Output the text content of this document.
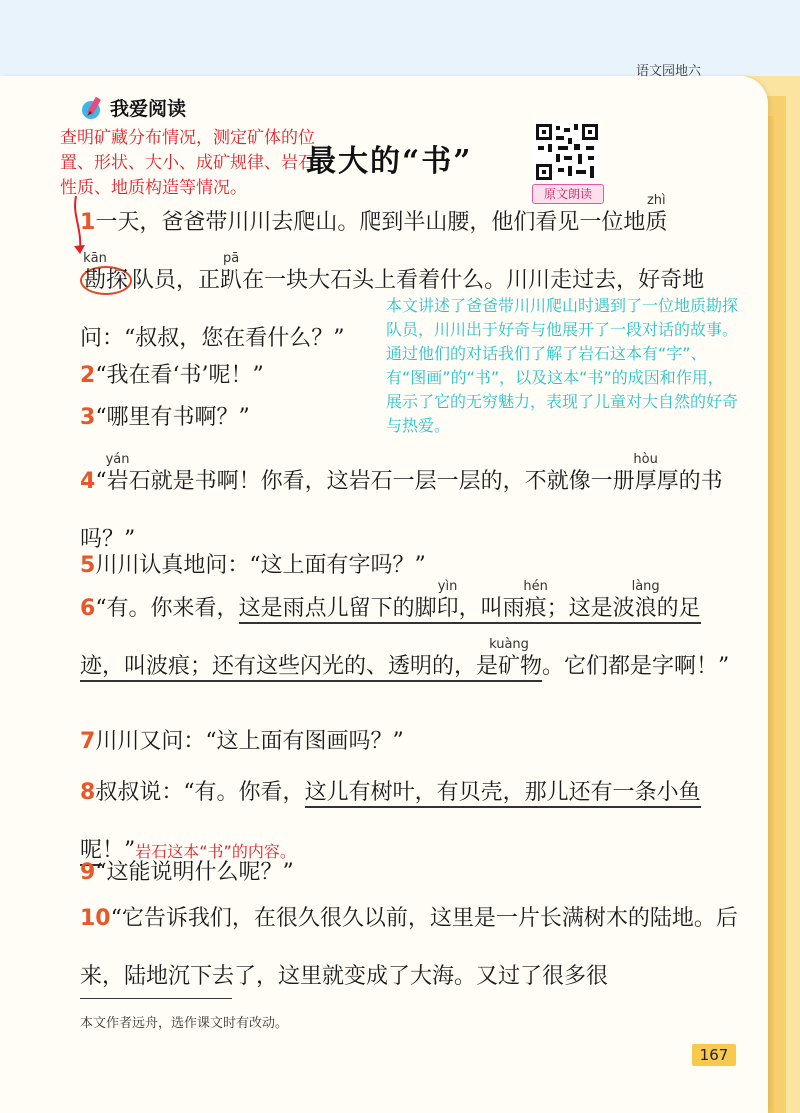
语文园地六
我爱阅读
查明矿藏分布情况，测定矿体的位置、形状、大小、成矿规律、岩石性质、地质构造等情况。
最大的“书”
原文朗读
1一天，爸爸带川川去爬山。爬到半山腰，他们看见一位地质
zhì

勘
kān
探 队员，正趴
pā
在一块大石头上看着什么。川川走过去，好奇地问：“叔叔，您在看什么？”
本文讲述了爸爸带川川爬山时遇到了一位地质勘探队员，川川出于好奇与他展开了一段对话的故事。通过他们的对话我们了解了岩石这本有“字”、有“图画”的“书”，以及这本“书”的成因和作用，展示了它的无穷魅力，表现了儿童对大自然的好奇与热爱。
2“我在看‘书’呢！”
3“哪里有书啊？”
4“岩
yán
石就是书啊！你看，这岩石一层一层的，不就像一册厚
hòu
厚的书吗？”
5川川认真地问：“这上面有字吗？”
6“有。你来看，这是雨点儿留下的脚印
yìn
，叫雨痕
hén
；这是波浪
làng
的足迹，叫波痕；还有这些闪光的、透明的，是矿
kuàng
物。它们都是字啊！”
7川川又问：“这上面有图画吗？”
8叔叔说：“有。你看，这儿有树叶，有贝壳，那儿还有一条小鱼呢！”岩石这本“书”的内容。
9“这能说明什么呢？”
10“它告诉我们，在很久很久以前，这里是一片长满树木的陆地。后来，陆地沉下去了，这里就变成了大海。又过了很多很
本文作者远舟，选作课文时有改动。
167
